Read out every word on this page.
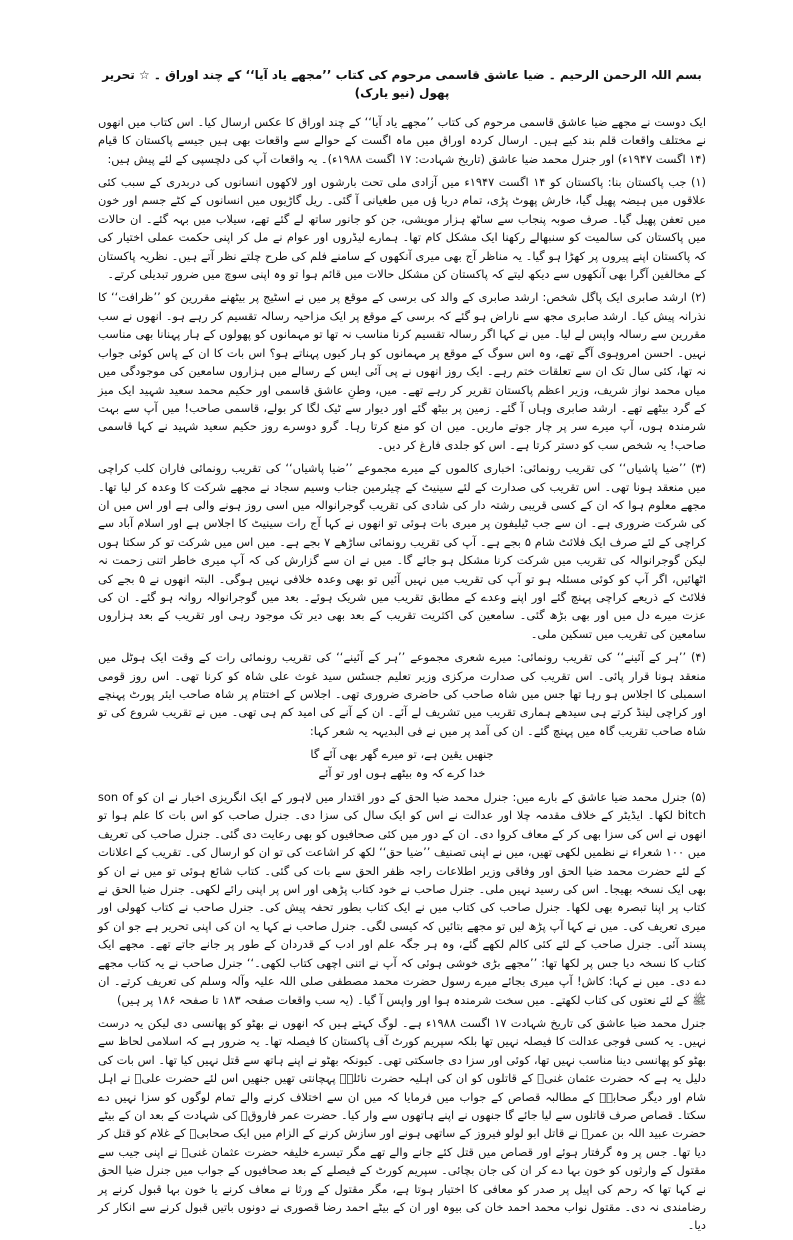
بسم اللہ الرحمن الرحیم ۔ ضیا عاشق قاسمی مرحوم کی کتاب ’’مجھے یاد آیا‘‘ کے چند اوراق ۔ ☆ تحریر پھول (نیو یارک)

ایک دوست نے مجھے ضیا عاشق قاسمی مرحوم کی کتاب ’’مجھے یاد آیا‘‘ کے چند اوراق کا عکس ارسال کیا۔ اس کتاب میں انھوں نے مختلف واقعات قلم بند کیے ہیں۔ ارسال کردہ اوراق میں ماہ اگست کے حوالے سے واقعات بھی ہیں جیسے پاکستان کا قیام (۱۴ اگست ۱۹۴۷ء) اور جنرل محمد ضیا عاشق (تاریخ شہادت: ۱۷ اگست ۱۹۸۸ء)۔ یہ واقعات آپ کی دلچسپی کے لئے پیش ہیں:

(۱) جب پاکستان بنا: پاکستان کو ۱۴ اگست ۱۹۴۷ء میں آزادی ملی تحت بارشوں اور لاکھوں انسانوں کی دربدری کے سبب کئی علاقوں میں ہیضہ پھیل گیا، خارش پھوٹ پڑی، تمام دریا ؤں میں طغیانی آ گئی۔ ریل گاڑیوں میں انسانوں کے کٹے جسم اور خون میں تعفن پھیل گیا۔ صرف صوبہ پنجاب سے ساٹھ ہزار مویشی، جن کو جانور ساتھ لے گئے تھے، سیلاب میں بہہ گئے۔ ان حالات میں پاکستان کی سالمیت کو سنبھالے رکھنا ایک مشکل کام تھا۔ ہمارے لیڈروں اور عوام نے مل کر اپنی حکمت عملی اختیار کی کہ پاکستان اپنے پیروں پر کھڑا ہو گیا۔ یہ مناظر آج بھی میری آنکھوں کے سامنے فلم کی طرح چلتے نظر آتے ہیں۔ نظریہ پاکستان کے مخالفین آگرا بھی آنکھوں سے دیکھ لیتے کہ پاکستان کن مشکل حالات میں قائم ہوا تو وہ اپنی سوچ میں ضرور تبدیلی کرتے۔

(۲) ارشد صابری ایک پاگل شخص: ارشد صابری کے والد کی برسی کے موقع پر میں نے اسٹیج پر بیٹھنے مقررین کو ’’ظرافت‘‘ کا نذرانہ پیش کیا۔ ارشد صابری مجھ سے ناراض ہو گئے کہ برسی کے موقع پر ایک مزاحیہ رسالہ تقسیم کر رہے ہو۔ انھوں نے سب مقررین سے رسالہ واپس لے لیا۔ میں نے کہا اگر رسالہ تقسیم کرنا مناسب نہ تھا تو مہمانوں کو پھولوں کے ہار پہنانا بھی مناسب نہیں۔ احسن امروہوی آگے تھے، وہ اس سوگ کے موقع پر مہمانوں کو ہار کیوں پہناتے ہو؟ اس بات کا ان کے پاس کوئی جواب نہ تھا، کئی سال تک ان سے تعلقات ختم رہے۔ ایک روز انھوں نے پی آئی ایس کے رسالے میں ہزاروں سامعین کی موجودگی میں میاں محمد نواز شریف، وزیر اعظم پاکستان تقریر کر رہے تھے۔ میں، وطنِ عاشق قاسمی اور حکیم محمد سعید شہید ایک میز کے گرد بیٹھے تھے۔ ارشد صابری وہاں آ گئے۔ زمین پر بیٹھ گئے اور دیوار سے ٹیک لگا کر بولے، قاسمی صاحب! میں آپ سے بہت شرمندہ ہوں، آپ میرے سر پر چار جوتے ماریں۔ میں ان کو منع کرتا رہا۔ گرو دوسرے روز حکیم سعید شہید نے کہا قاسمی صاحب! یہ شخص سب کو دستر کرتا ہے۔ اس کو جلدی فارغ کر دیں۔

(۳) ’’ضیا پاشیاں‘‘ کی تقریب رونمائی: اخباری کالموں کے میرے مجموعے ’’ضیا پاشیاں‘‘ کی تقریب رونمائی فاران کلب کراچی میں منعقد ہونا تھی۔ اس تقریب کی صدارت کے لئے سینیٹ کے چیئرمین جناب وسیم سجاد نے مجھے شرکت کا وعدہ کر لیا تھا۔ مجھے معلوم ہوا کہ ان کے کسی قریبی رشتہ دار کی شادی کی تقریب گوجرانوالہ میں اسی روز ہونے والی ہے اور اس میں ان کی شرکت ضروری ہے۔ ان سے جب ٹیلیفون پر میری بات ہوئی تو انھوں نے کہا آج رات سینیٹ کا اجلاس ہے اور اسلام آباد سے کراچی کے لئے صرف ایک فلائٹ شام ۵ بجے ہے۔ آپ کی تقریب رونمائی ساڑھے ۷ بجے ہے۔ میں اس میں شرکت تو کر سکتا ہوں لیکن گوجرانوالہ کی تقریب میں شرکت کرنا مشکل ہو جائے گا۔ میں نے ان سے گزارش کی کہ آپ میری خاطر اتنی زحمت نہ اٹھائیں، اگر آپ کو کوئی مسئلہ ہو تو آپ کی تقریب میں نہیں آئیں تو بھی وعدہ خلافی نہیں ہوگی۔ البتہ انھوں نے ۵ بجے کی فلائٹ کے ذریعے کراچی پہنچ گئے اور اپنے وعدے کے مطابق تقریب میں شریک ہوئے۔ بعد میں گوجرانوالہ روانہ ہو گئے۔ ان کی عزت میرے دل میں اور بھی بڑھ گئی۔ سامعین کی اکثریت تقریب کے بعد بھی دیر تک موجود رہی اور تقریب کے بعد ہزاروں سامعین کی تقریب میں تسکین ملی۔

(۴) ’’ہر کے آئینے‘‘ کی تقریب رونمائی: میرے شعری مجموعے ’’ہر کے آئینے‘‘ کی تقریب رونمائی رات کے وقت ایک ہوٹل میں منعقد ہونا قرار پائی۔ اس تقریب کی صدارت مرکزی وزیر تعلیم جسٹس سید غوث علی شاہ کو کرنا تھی۔ اس روز قومی اسمبلی کا اجلاس ہو رہا تھا جس میں شاہ صاحب کی حاضری ضروری تھی۔ اجلاس کے اختتام پر شاہ صاحب ایئر پورٹ پہنچے اور کراچی لینڈ کرتے ہی سیدھے ہماری تقریب میں تشریف لے آئے۔ ان کے آنے کی امید کم ہی تھی۔ میں نے تقریب شروع کی تو شاہ صاحب تقریب گاہ میں پہنچ گئے۔ ان کی آمد پر میں نے فی البدیہہ یہ شعر کہا:

جنھیں یقین ہے، تو میرے گھر بھی آئے گا
خدا کرے کہ وہ بیٹھے ہوں اور تو آئے

(۵) جنرل محمد ضیا عاشق کے بارے میں: جنرل محمد ضیا الحق کے دور اقتدار میں لاہور کے ایک انگریزی اخبار نے ان کو son of bitch لکھا۔ ایڈیٹر کے خلاف مقدمہ چلا اور عدالت نے اس کو ایک سال کی سزا دی۔ جنرل صاحب کو اس بات کا علم ہوا تو انھوں نے اس کی سزا بھی کر کے معاف کروا دی۔ ان کے دور میں کئی صحافیوں کو بھی رعایت دی گئی۔ جنرل صاحب کی تعریف میں ۱۰۰ شعراء نے نظمیں لکھی تھیں، میں نے اپنی تصنیف ’’ضیا حق‘‘ لکھ کر اشاعت کی تو ان کو ارسال کی۔ تقریب کے اعلانات کے لئے حضرت محمد ضیا الحق اور وفاقی وزیر اطلاعات راجہ ظفر الحق سے بات کی گئی۔ کتاب شائع ہوئی تو میں نے ان کو بھی ایک نسخہ بھیجا۔ اس کی رسید نہیں ملی۔ جنرل صاحب نے خود کتاب پڑھی اور اس پر اپنی رائے لکھی۔ جنرل ضیا الحق نے کتاب پر اپنا تبصرہ بھی لکھا۔ جنرل صاحب کی کتاب میں نے ایک کتاب بطور تحفہ پیش کی۔ جنرل صاحب نے کتاب کھولی اور میری تعریف کی۔ میں نے کہا آپ پڑھ لیں تو مجھے بتائیں کہ کیسی لگی۔ جنرل صاحب نے کہا یہ ان کی اپنی تحریر ہے جو ان کو پسند آئی۔ جنرل صاحب کے لئے کئی کالم لکھے گئے، وہ ہر جگہ علم اور ادب کے قدردان کے طور پر جانے جاتے تھے۔ مجھے ایک کتاب کا نسخہ دیا جس پر لکھا تھا: ’’مجھے بڑی خوشی ہوئی کہ آپ نے اتنی اچھی کتاب لکھی۔‘‘ جنرل صاحب نے یہ کتاب مجھے دے دی۔ میں نے کہا: کاش! آپ میری بجائے میرے رسول حضرت محمد مصطفی صلی اللہ علیہ وآلہ وسلم کی تعریف کرتے۔ ان ﷺ کے لئے نعتوں کی کتاب لکھتے۔ میں سخت شرمندہ ہوا اور واپس آ گیا۔ (یہ سب واقعات صفحہ ۱۸۳ تا صفحہ ۱۸۶ پر ہیں)

جنرل محمد ضیا عاشق کی تاریخ شہادت ۱۷ اگست ۱۹۸۸ء ہے۔ لوگ کہتے ہیں کہ انھوں نے بھٹو کو پھانسی دی لیکن یہ درست نہیں۔ یہ کسی فوجی عدالت کا فیصلہ نہیں تھا بلکہ سپریم کورٹ آف پاکستان کا فیصلہ تھا۔ یہ ضرور ہے کہ اسلامی لحاظ سے بھٹو کو پھانسی دینا مناسب نہیں تھا، کوئی اور سزا دی جاسکتی تھی۔ کیونکہ بھٹو نے اپنے ہاتھ سے قتل نہیں کیا تھا۔ اس بات کی دلیل یہ ہے کہ حضرت عثمان غنیؓ کے قاتلوں کو ان کی اہلیہ حضرت نائلہؓ پہچانتی تھیں جنھیں اس لئے حضرت علیؓ نے اہل شام اور دیگر صحابہؓ کے مطالبہ قصاص کے جواب میں فرمایا کہ میں ان سے اختلاف کرنے والے تمام لوگوں کو سزا نہیں دے سکتا۔ قصاص صرف قاتلوں سے لیا جائے گا جنھوں نے اپنے ہاتھوں سے وار کیا۔ حضرت عمر فاروقؓ کی شہادت کے بعد ان کے بیٹے حضرت عبید اللہ بن عمرؓ نے قاتل ابو لولو فیروز کے ساتھی ہونے اور سازش کرنے کے الزام میں ایک صحابیؓ کے غلام کو قتل کر دیا تھا۔ جس پر وہ گرفتار ہوئے اور قصاص میں قتل کئے جانے والے تھے مگر تیسرے خلیفہ حضرت عثمان غنیؓ نے اپنی جیب سے مقتول کے وارثوں کو خون بہا دے کر ان کی جان بچائی۔ سپریم کورٹ کے فیصلے کے بعد صحافیوں کے جواب میں جنرل ضیا الحق نے کہا تھا کہ رحم کی اپیل پر صدر کو معافی کا اختیار ہوتا ہے، مگر مقتول کے ورثا نے معاف کرنے یا خون بہا قبول کرنے پر رضامندی نہ دی۔ مقتول نواب محمد احمد خان کی بیوہ اور ان کے بیٹے احمد رضا قصوری نے دونوں باتیں قبول کرنے سے انکار کر دیا۔
